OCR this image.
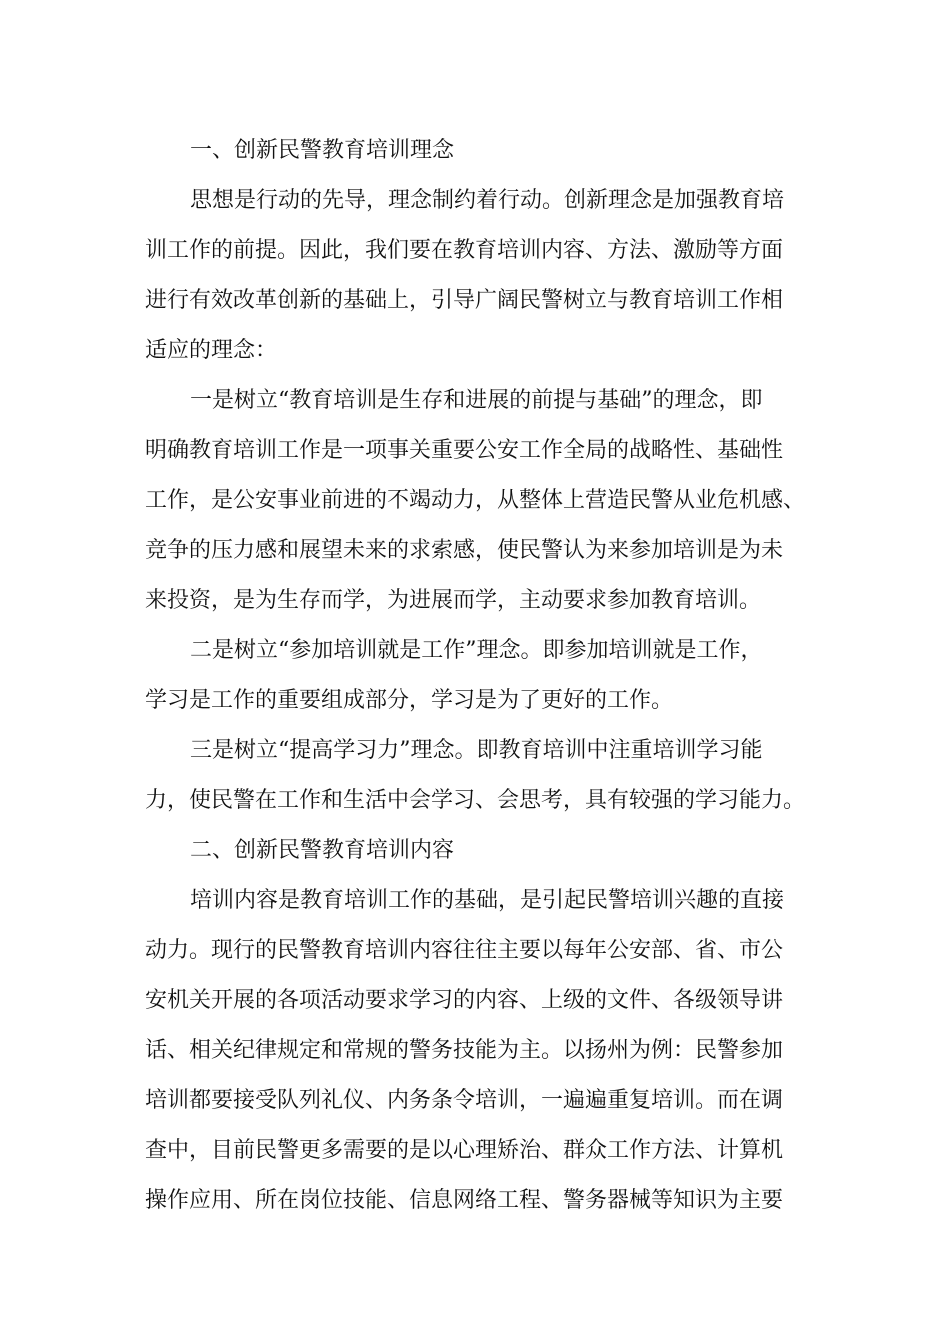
一、创新民警教育培训理念
思想是行动的先导，理念制约着行动。创新理念是加强教育培
训工作的前提。因此，我们要在教育培训内容、方法、激励等方面
进行有效改革创新的基础上，引导广阔民警树立与教育培训工作相
适应的理念：
一是树立“教育培训是生存和进展的前提与基础”的理念，即
明确教育培训工作是一项事关重要公安工作全局的战略性、基础性
工作，是公安事业前进的不竭动力，从整体上营造民警从业危机感、
竞争的压力感和展望未来的求索感，使民警认为来参加培训是为未
来投资，是为生存而学，为进展而学，主动要求参加教育培训。
二是树立“参加培训就是工作”理念。即参加培训就是工作，
学习是工作的重要组成部分，学习是为了更好的工作。
三是树立“提高学习力”理念。即教育培训中注重培训学习能
力，使民警在工作和生活中会学习、会思考，具有较强的学习能力。
二、创新民警教育培训内容
培训内容是教育培训工作的基础，是引起民警培训兴趣的直接
动力。现行的民警教育培训内容往往主要以每年公安部、省、市公
安机关开展的各项活动要求学习的内容、上级的文件、各级领导讲
话、相关纪律规定和常规的警务技能为主。以扬州为例：民警参加
培训都要接受队列礼仪、内务条令培训，一遍遍重复培训。而在调
查中，目前民警更多需要的是以心理矫治、群众工作方法、计算机
操作应用、所在岗位技能、信息网络工程、警务器械等知识为主要
